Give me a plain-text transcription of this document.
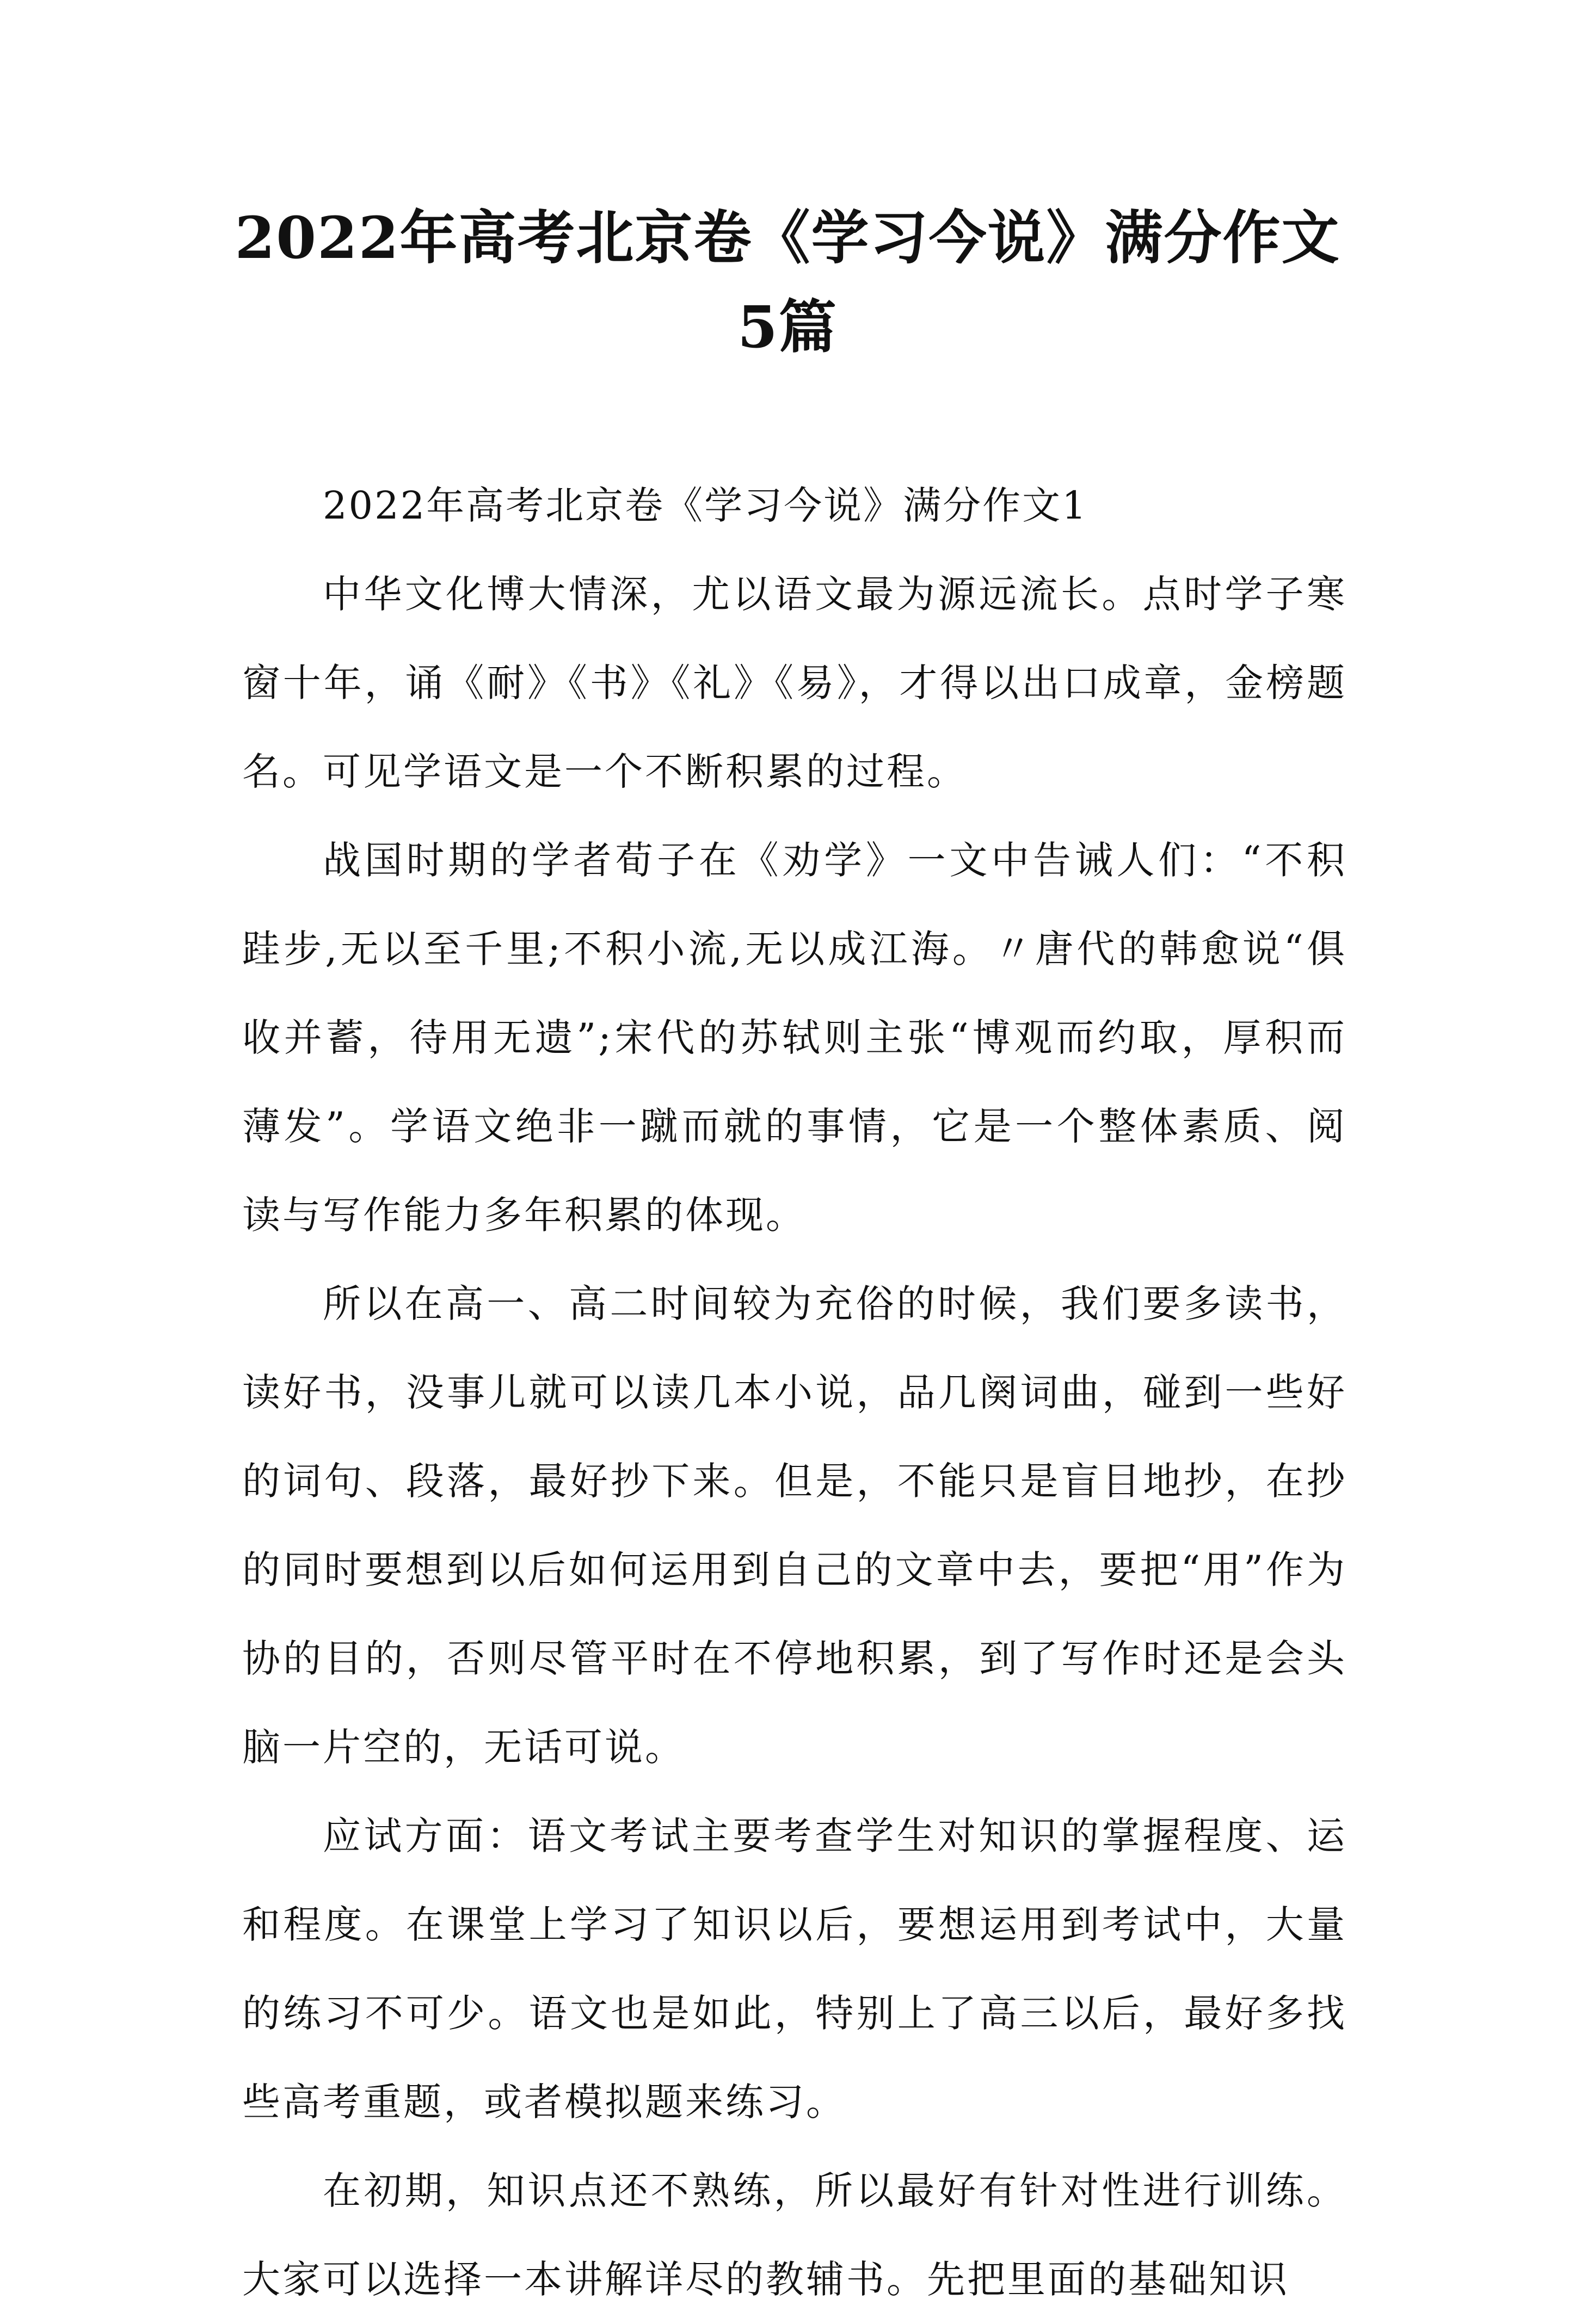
2022年高考北京卷《学习今说》满分作文5篇

2022年高考北京卷《学习今说》满分作文1

中华文化博大情深，尤以语文最为源远流长。点时学子寒窗十年，诵《耐》《书》《礼》《易》，才得以出口成章，金榜题名。可见学语文是一个不断积累的过程。

战国时期的学者荀子在《劝学》一文中告诫人们：“不积跬步,无以至千里;不积小流,无以成江海。〃唐代的韩愈说“俱收并蓄，待用无遗”;宋代的苏轼则主张“博观而约取，厚积而薄发”。学语文绝非一蹴而就的事情，它是一个整体素质、阅读与写作能力多年积累的体现。

所以在高一、高二时间较为充俗的时候，我们要多读书，读好书，没事儿就可以读几本小说，品几阕词曲，碰到一些好的词句、段落，最好抄下来。但是，不能只是盲目地抄，在抄的同时要想到以后如何运用到自己的文章中去，要把“用”作为协的目的，否则尽管平时在不停地积累，到了写作时还是会头脑一片空的，无话可说。

应试方面：语文考试主要考查学生对知识的掌握程度、运和程度。在课堂上学习了知识以后，要想运用到考试中，大量的练习不可少。语文也是如此，特别上了高三以后，最好多找些高考重题，或者模拟题来练习。

在初期，知识点还不熟练，所以最好有针对性进行训练。大家可以选择一本讲解详尽的教辅书。先把里面的基础知识
